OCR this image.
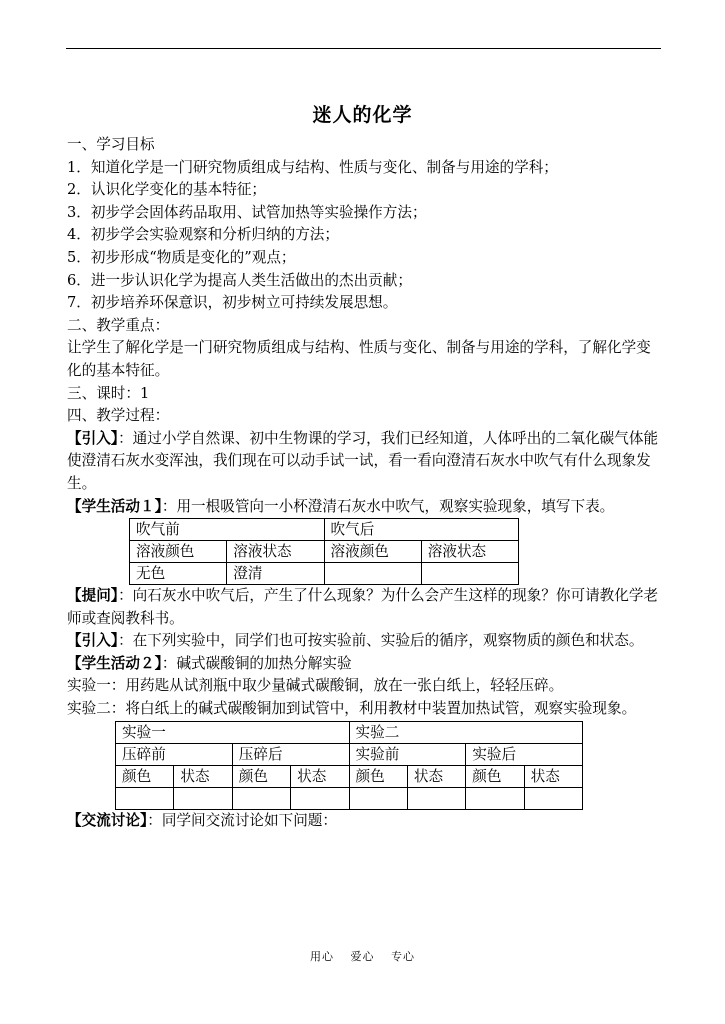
迷人的化学
一、学习目标
1．知道化学是一门研究物质组成与结构、性质与变化、制备与用途的学科；
2．认识化学变化的基本特征；
3．初步学会固体药品取用、试管加热等实验操作方法；
4．初步学会实验观察和分析归纳的方法；
5．初步形成“物质是变化的”观点；
6．进一步认识化学为提高人类生活做出的杰出贡献；
7．初步培养环保意识，初步树立可持续发展思想。
二、教学重点：
让学生了解化学是一门研究物质组成与结构、性质与变化、制备与用途的学科，了解化学变化的基本特征。
三、课时：1
四、教学过程：
【引入】：通过小学自然课、初中生物课的学习，我们已经知道，人体呼出的二氧化碳气体能使澄清石灰水变浑浊，我们现在可以动手试一试，看一看向澄清石灰水中吹气有什么现象发生。
【学生活动１】：用一根吸管向一小杯澄清石灰水中吹气，观察实验现象，填写下表。
吹气前		吹气后	
溶液颜色	溶液状态	溶液颜色	溶液状态
无色	澄清		
【提问】：向石灰水中吹气后，产生了什么现象？为什么会产生这样的现象？你可请教化学老师或查阅教科书。
【引入】：在下列实验中，同学们也可按实验前、实验后的循序，观察物质的颜色和状态。
【学生活动２】：碱式碳酸铜的加热分解实验
实验一：用药匙从试剂瓶中取少量碱式碳酸铜，放在一张白纸上，轻轻压碎。
实验二：将白纸上的碱式碳酸铜加到试管中，利用教材中装置加热试管，观察实验现象。
实验一				实验二			
压碎前		压碎后		实验前		实验后	
颜色	状态	颜色	状态	颜色	状态	颜色	状态

【交流讨论】：同学间交流讨论如下问题：
用心 爱心 专心
